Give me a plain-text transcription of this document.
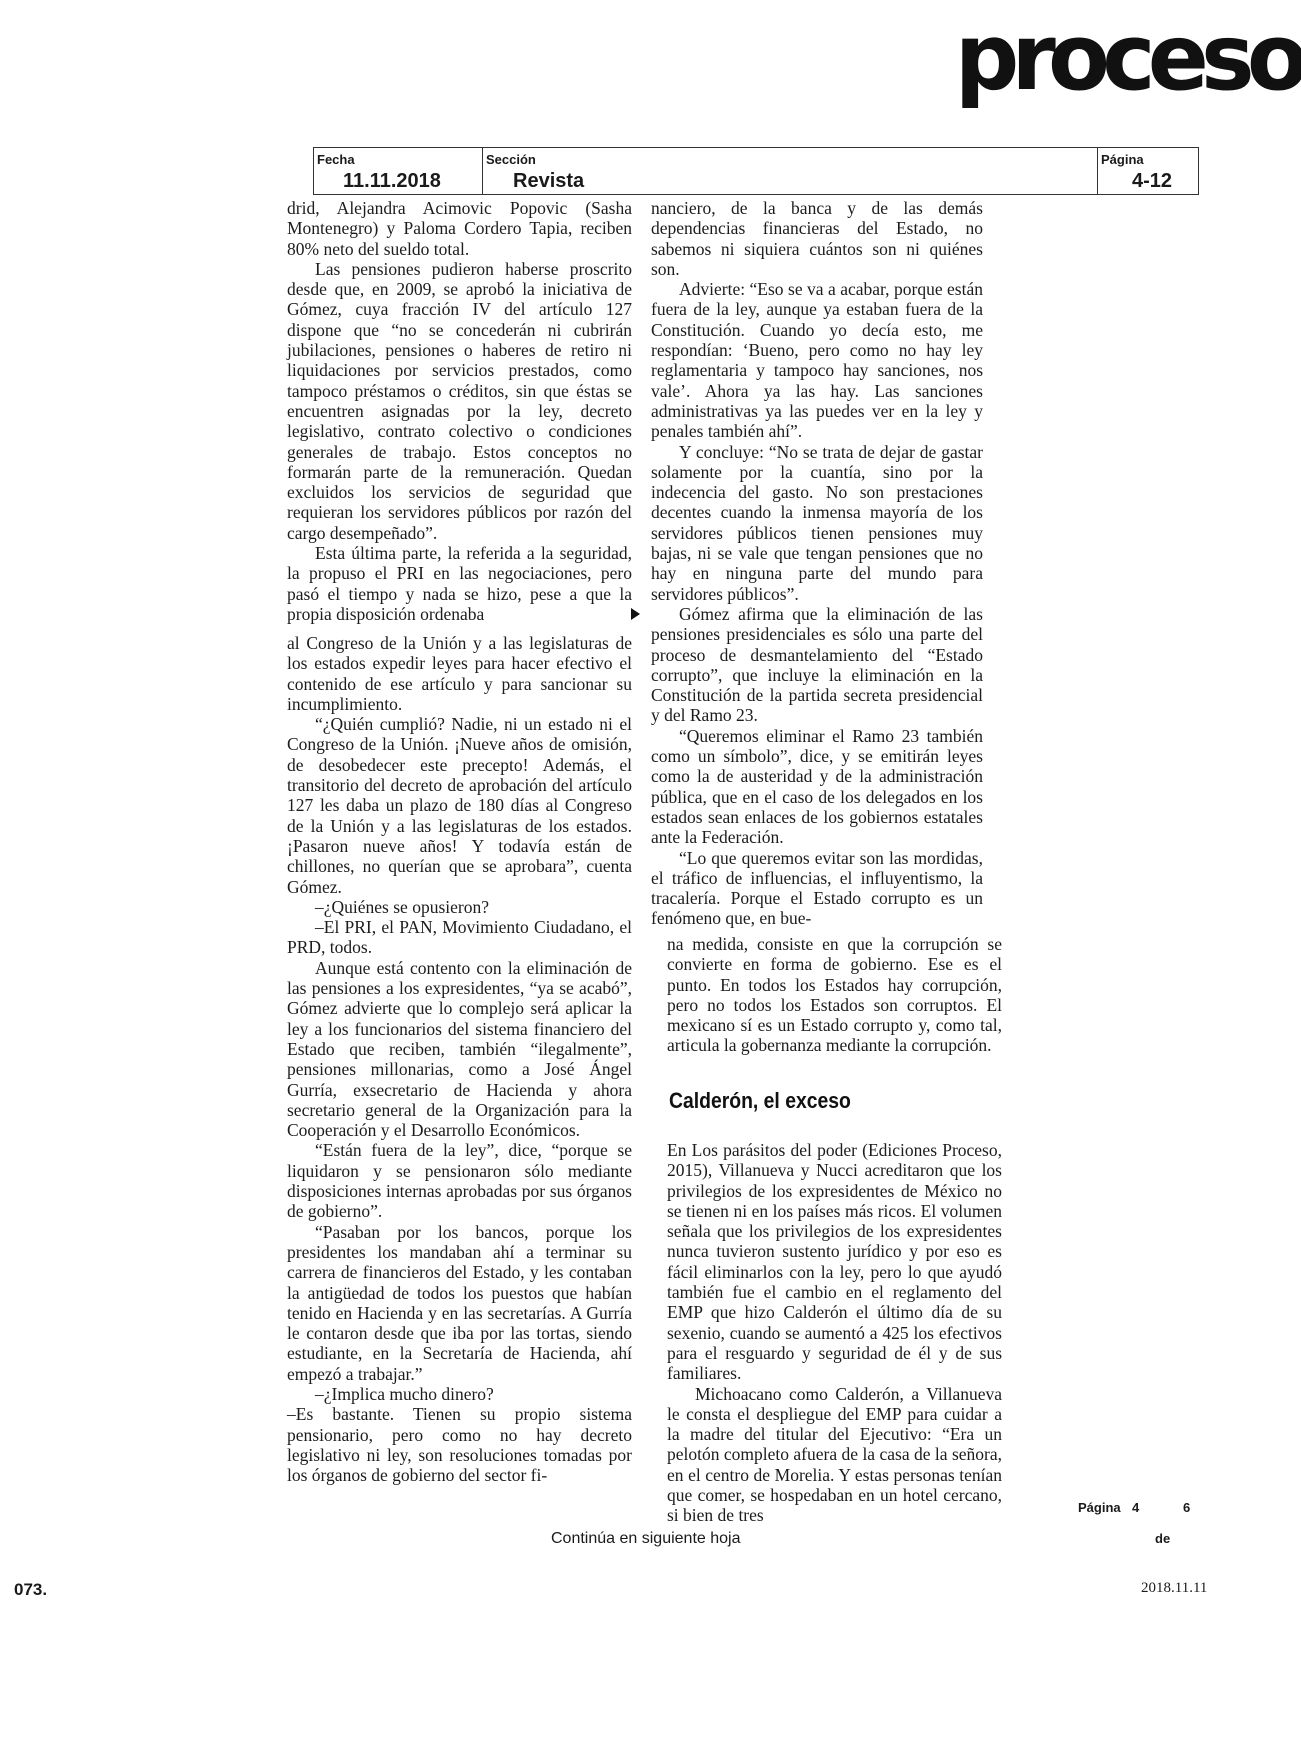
proceso
Fecha
11.11.2018
Sección
Revista
Página
4-12

drid, Alejandra Acimovic Popovic (Sasha Montenegro) y Paloma Cordero Tapia, reciben 80% neto del sueldo total.

Las pensiones pudieron haberse proscrito desde que, en 2009, se aprobó la iniciativa de Gómez, cuya fracción IV del artículo 127 dispone que “no se concederán ni cubrirán jubilaciones, pensiones o haberes de retiro ni liquidaciones por servicios prestados, como tampoco préstamos o créditos, sin que éstas se encuentren asignadas por la ley, decreto legislativo, contrato colectivo o condiciones generales de trabajo. Estos conceptos no formarán parte de la remuneración. Quedan excluidos los servicios de seguridad que requieran los servidores públicos por razón del cargo desempeñado”.

Esta última parte, la referida a la seguridad, la propuso el PRI en las negociaciones, pero pasó el tiempo y nada se hizo, pese a que la propia disposición ordenaba

al Congreso de la Unión y a las legislaturas de los estados expedir leyes para hacer efectivo el contenido de ese artículo y para sancionar su incumplimiento.

“¿Quién cumplió? Nadie, ni un estado ni el Congreso de la Unión. ¡Nueve años de omisión, de desobedecer este precepto! Además, el transitorio del decreto de aprobación del artículo 127 les daba un plazo de 180 días al Congreso de la Unión y a las legislaturas de los estados. ¡Pasaron nueve años! Y todavía están de chillones, no querían que se aprobara”, cuenta Gómez.

–¿Quiénes se opusieron?

–El PRI, el PAN, Movimiento Ciudadano, el PRD, todos.

Aunque está contento con la eliminación de las pensiones a los expresidentes, “ya se acabó”, Gómez advierte que lo complejo será aplicar la ley a los funcionarios del sistema financiero del Estado que reciben, también “ilegalmente”, pensiones millonarias, como a José Ángel Gurría, exsecretario de Hacienda y ahora secretario general de la Organización para la Cooperación y el Desarrollo Económicos.

“Están fuera de la ley”, dice, “porque se liquidaron y se pensionaron sólo mediante disposiciones internas aprobadas por sus órganos de gobierno”.

“Pasaban por los bancos, porque los presidentes los mandaban ahí a terminar su carrera de financieros del Estado, y les contaban la antigüedad de todos los puestos que habían tenido en Hacienda y en las secretarías. A Gurría le contaron desde que iba por las tortas, siendo estudiante, en la Secretaría de Hacienda, ahí empezó a trabajar.”

–¿Implica mucho dinero?

–Es bastante. Tienen su propio sistema pensionario, pero como no hay decreto legislativo ni ley, son resoluciones tomadas por los órganos de gobierno del sector fi-

nanciero, de la banca y de las demás dependencias financieras del Estado, no sabemos ni siquiera cuántos son ni quiénes son.

Advierte: “Eso se va a acabar, porque están fuera de la ley, aunque ya estaban fuera de la Constitución. Cuando yo decía esto, me respondían: ‘Bueno, pero como no hay ley reglamentaria y tampoco hay sanciones, nos vale’. Ahora ya las hay. Las sanciones administrativas ya las puedes ver en la ley y penales también ahí”.

Y concluye: “No se trata de dejar de gastar solamente por la cuantía, sino por la indecencia del gasto. No son prestaciones decentes cuando la inmensa mayoría de los servidores públicos tienen pensiones muy bajas, ni se vale que tengan pensiones que no hay en ninguna parte del mundo para servidores públicos”.

Gómez afirma que la eliminación de las pensiones presidenciales es sólo una parte del proceso de desmantelamiento del “Estado corrupto”, que incluye la eliminación en la Constitución de la partida secreta presidencial y del Ramo 23.

“Queremos eliminar el Ramo 23 también como un símbolo”, dice, y se emitirán leyes como la de austeridad y de la administración pública, que en el caso de los delegados en los estados sean enlaces de los gobiernos estatales ante la Federación.

“Lo que queremos evitar son las mordidas, el tráfico de influencias, el influyentismo, la tracalería. Porque el Estado corrupto es un fenómeno que, en bue-

na medida, consiste en que la corrupción se convierte en forma de gobierno. Ese es el punto. En todos los Estados hay corrupción, pero no todos los Estados son corruptos. El mexicano sí es un Estado corrupto y, como tal, articula la gobernanza mediante la corrupción.

Calderón, el exceso

En Los parásitos del poder (Ediciones Proceso, 2015), Villanueva y Nucci acreditaron que los privilegios de los expresidentes de México no se tienen ni en los países más ricos. El volumen señala que los privilegios de los expresidentes nunca tuvieron sustento jurídico y por eso es fácil eliminarlos con la ley, pero lo que ayudó también fue el cambio en el reglamento del EMP que hizo Calderón el último día de su sexenio, cuando se aumentó a 425 los efectivos para el resguardo y seguridad de él y de sus familiares.

Michoacano como Calderón, a Villanueva le consta el despliegue del EMP para cuidar a la madre del titular del Ejecutivo: “Era un pelotón completo afuera de la casa de la señora, en el centro de Morelia. Y estas personas tenían que comer, se hospedaban en un hotel cercano, si bien de tres

Continúa en siguiente hoja
Página 4	6
de
073.	2018.11.11
